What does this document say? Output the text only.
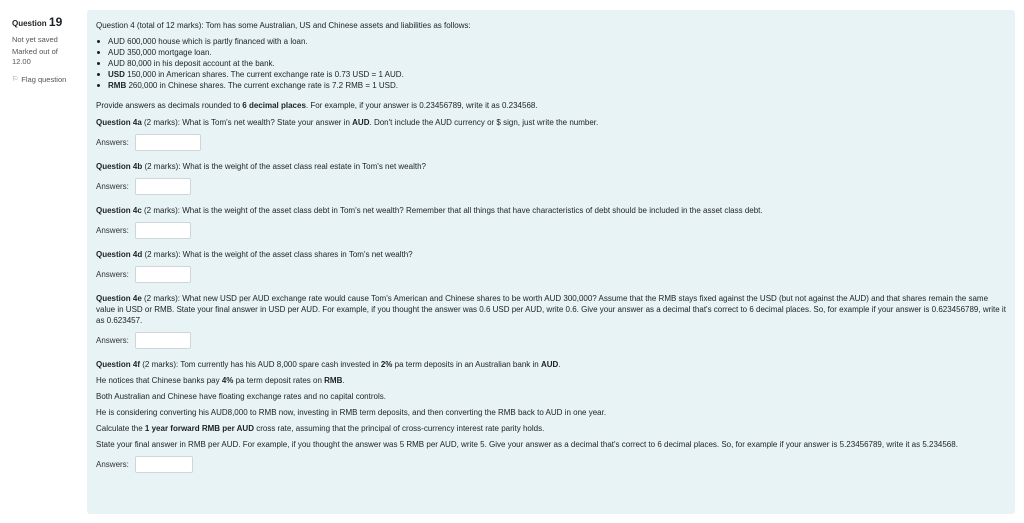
Question 19
Not yet saved
Marked out of
12.00
⚐ Flag question
Question 4 (total of 12 marks): Tom has some Australian, US and Chinese assets and liabilities as follows:
AUD 600,000 house which is partly financed with a loan.
AUD 350,000 mortgage loan.
AUD 80,000 in his deposit account at the bank.
USD 150,000 in American shares. The current exchange rate is 0.73 USD = 1 AUD.
RMB 260,000 in Chinese shares. The current exchange rate is 7.2 RMB = 1 USD.

Provide answers as decimals rounded to 6 decimal places. For example, if your answer is 0.23456789, write it as 0.234568.

Question 4a (2 marks): What is Tom's net wealth? State your answer in AUD. Don't include the AUD currency or $ sign, just write the number.

Answers:

Question 4b (2 marks): What is the weight of the asset class real estate in Tom's net wealth?

Answers:

Question 4c (2 marks): What is the weight of the asset class debt in Tom's net wealth? Remember that all things that have characteristics of debt should be included in the asset class debt.

Answers:

Question 4d (2 marks): What is the weight of the asset class shares in Tom's net wealth?

Answers:

Question 4e (2 marks): What new USD per AUD exchange rate would cause Tom's American and Chinese shares to be worth AUD 300,000? Assume that the RMB stays fixed against the USD (but not against the AUD) and that shares remain the same value in USD or RMB. State your final answer in USD per AUD. For example, if you thought the answer was 0.6 USD per AUD, write 0.6. Give your answer as a decimal that's correct to 6 decimal places. So, for example if your answer is 0.623456789, write it as 0.623457.

Answers:

Question 4f (2 marks): Tom currently has his AUD 8,000 spare cash invested in 2% pa term deposits in an Australian bank in AUD.

He notices that Chinese banks pay 4% pa term deposit rates on RMB.

Both Australian and Chinese have floating exchange rates and no capital controls.

He is considering converting his AUD8,000 to RMB now, investing in RMB term deposits, and then converting the RMB back to AUD in one year.

Calculate the 1 year forward RMB per AUD cross rate, assuming that the principal of cross-currency interest rate parity holds.

State your final answer in RMB per AUD. For example, if you thought the answer was 5 RMB per AUD, write 5. Give your answer as a decimal that's correct to 6 decimal places. So, for example if your answer is 5.23456789, write it as 5.234568.

Answers:
